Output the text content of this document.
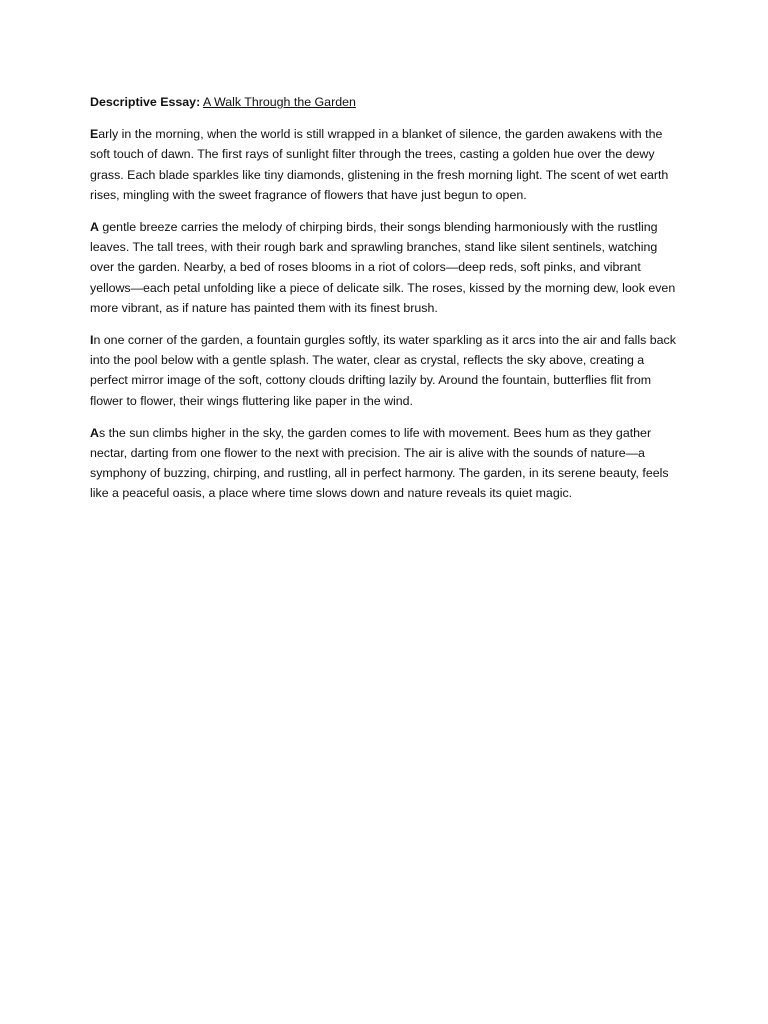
Descriptive Essay: A Walk Through the Garden

Early in the morning, when the world is still wrapped in a blanket of silence, the garden awakens with the soft touch of dawn. The first rays of sunlight filter through the trees, casting a golden hue over the dewy grass. Each blade sparkles like tiny diamonds, glistening in the fresh morning light. The scent of wet earth rises, mingling with the sweet fragrance of flowers that have just begun to open.

A gentle breeze carries the melody of chirping birds, their songs blending harmoniously with the rustling leaves. The tall trees, with their rough bark and sprawling branches, stand like silent sentinels, watching over the garden. Nearby, a bed of roses blooms in a riot of colors—deep reds, soft pinks, and vibrant yellows—each petal unfolding like a piece of delicate silk. The roses, kissed by the morning dew, look even more vibrant, as if nature has painted them with its finest brush.

In one corner of the garden, a fountain gurgles softly, its water sparkling as it arcs into the air and falls back into the pool below with a gentle splash. The water, clear as crystal, reflects the sky above, creating a perfect mirror image of the soft, cottony clouds drifting lazily by. Around the fountain, butterflies flit from flower to flower, their wings fluttering like paper in the wind.

As the sun climbs higher in the sky, the garden comes to life with movement. Bees hum as they gather nectar, darting from one flower to the next with precision. The air is alive with the sounds of nature—a symphony of buzzing, chirping, and rustling, all in perfect harmony. The garden, in its serene beauty, feels like a peaceful oasis, a place where time slows down and nature reveals its quiet magic.
